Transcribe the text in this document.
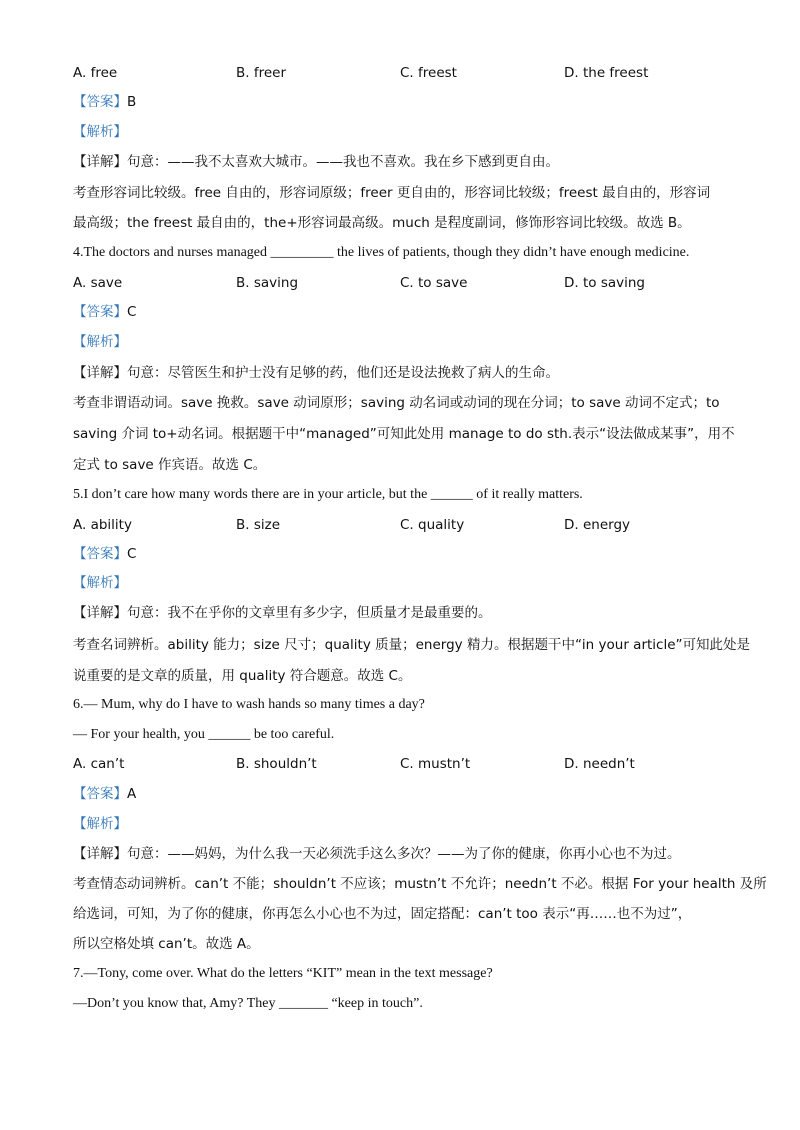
A. free	B. freer	C. freest	D. the freest
【答案】B
【解析】
【详解】句意：——我不太喜欢大城市。——我也不喜欢。我在乡下感到更自由。
考查形容词比较级。free 自由的，形容词原级；freer 更自由的，形容词比较级；freest 最自由的，形容词
最高级；the freest 最自由的，the+形容词最高级。much 是程度副词，修饰形容词比较级。故选 B。
4.The doctors and nurses managed _________ the lives of patients, though they didn’t have enough medicine.
A. save	B. saving	C. to save	D. to saving
【答案】C
【解析】
【详解】句意：尽管医生和护士没有足够的药，他们还是设法挽救了病人的生命。
考查非谓语动词。save 挽救。save 动词原形；saving 动名词或动词的现在分词；to save 动词不定式；to
saving 介词 to+动名词。根据题干中“managed”可知此处用 manage to do sth.表示“设法做成某事”，用不
定式 to save 作宾语。故选 C。
5.I don’t care how many words there are in your article, but the ______ of it really matters.
A. ability	B. size	C. quality	D. energy
【答案】C
【解析】
【详解】句意：我不在乎你的文章里有多少字，但质量才是最重要的。
考查名词辨析。ability 能力；size 尺寸；quality 质量；energy 精力。根据题干中“in your article”可知此处是
说重要的是文章的质量，用 quality 符合题意。故选 C。
6.— Mum, why do I have to wash hands so many times a day?
— For your health, you ______ be too careful.
A. can’t	B. shouldn’t	C. mustn’t	D. needn’t
【答案】A
【解析】
【详解】句意：——妈妈，为什么我一天必须洗手这么多次？——为了你的健康，你再小心也不为过。
考查情态动词辨析。can’t 不能；shouldn’t 不应该；mustn’t 不允许；needn’t 不必。根据 For your health 及所
给选词，可知，为了你的健康，你再怎么小心也不为过，固定搭配：can’t too 表示“再……也不为过”，
所以空格处填 can’t。故选 A。
7.—Tony, come over. What do the letters “KIT” mean in the text message?
—Don’t you know that, Amy? They _______ “keep in touch”.
